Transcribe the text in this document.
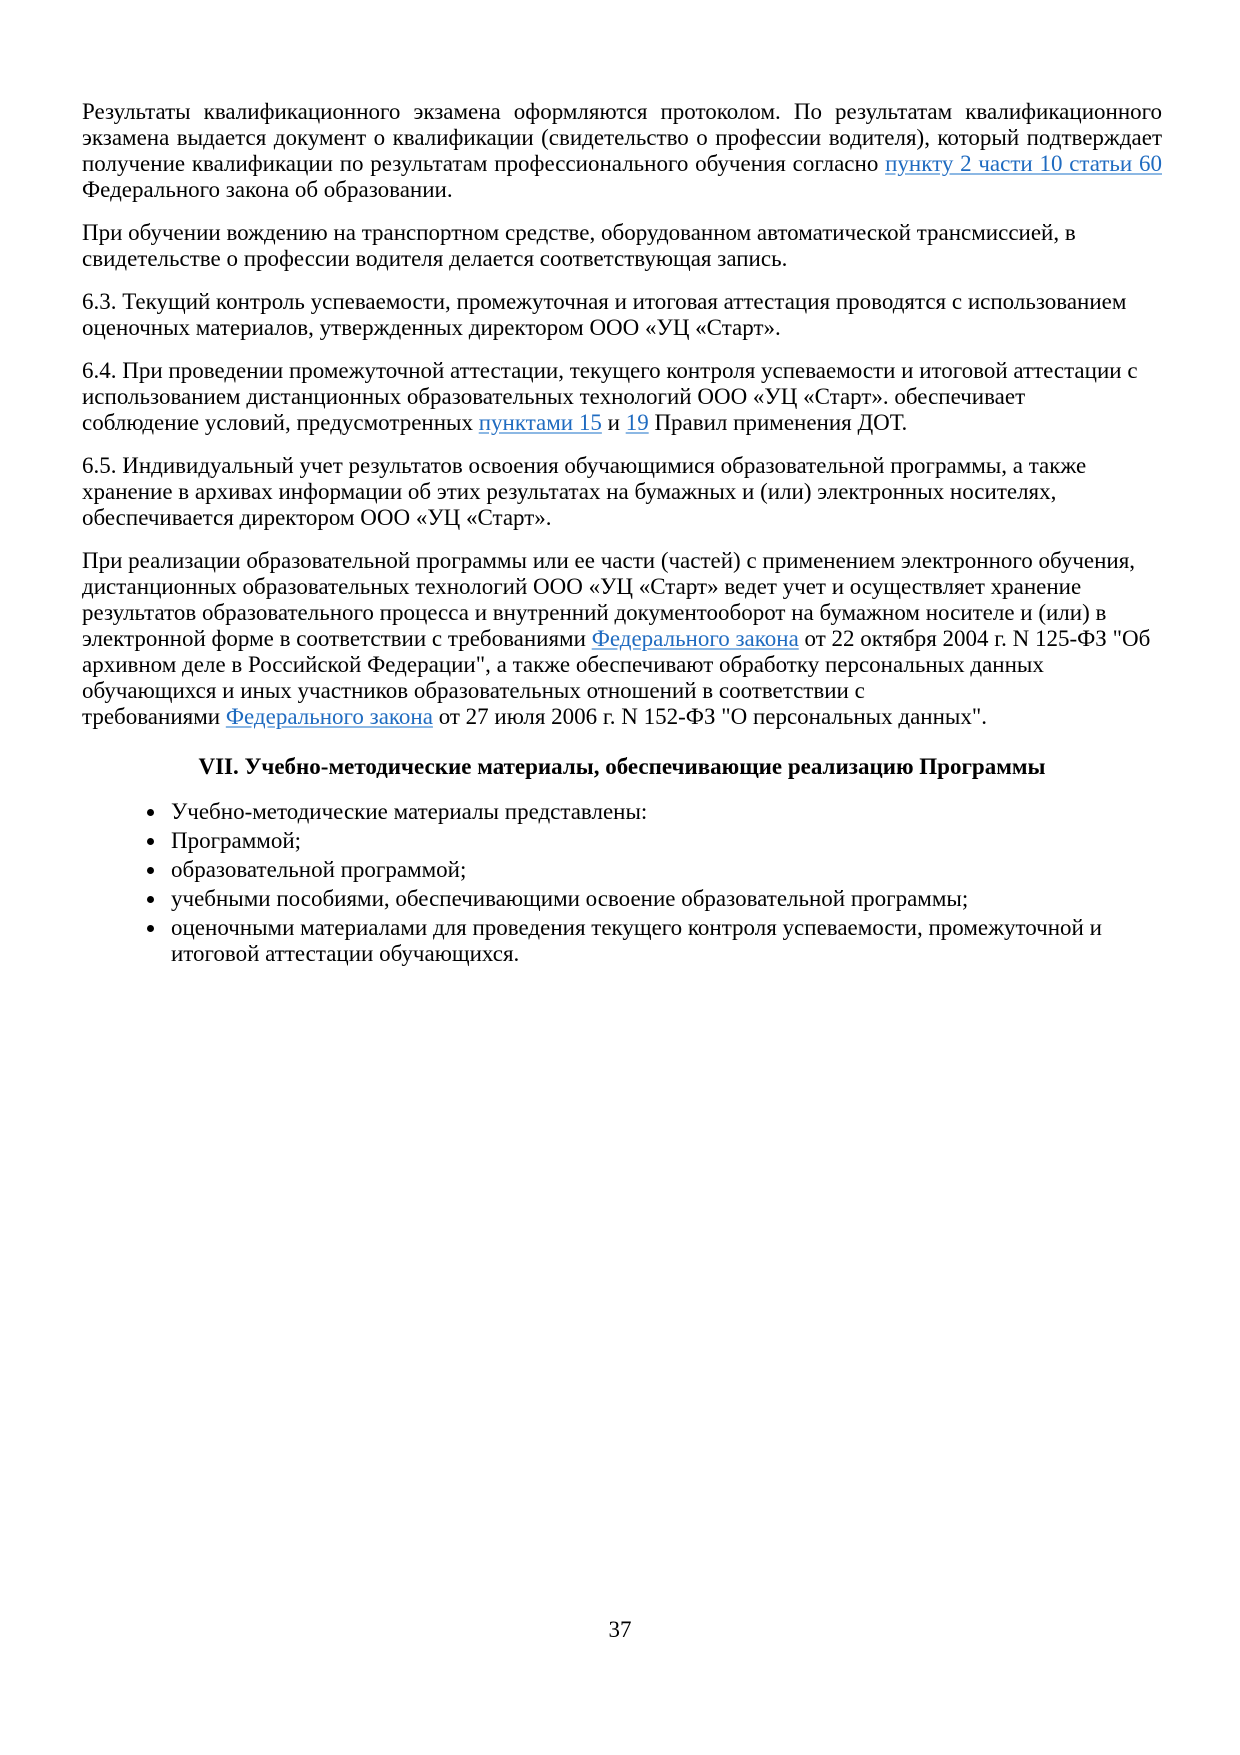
Результаты квалификационного экзамена оформляются протоколом. По результатам квалификационного экзамена выдается документ о квалификации (свидетельство о профессии водителя), который подтверждает получение квалификации по результатам профессионального обучения согласно пункту 2 части 10 статьи 60 Федерального закона об образовании.

При обучении вождению на транспортном средстве, оборудованном автоматической трансмиссией, в свидетельстве о профессии водителя делается соответствующая запись.

6.3. Текущий контроль успеваемости, промежуточная и итоговая аттестация проводятся с использованием оценочных материалов, утвержденных директором ООО «УЦ «Старт».

6.4. При проведении промежуточной аттестации, текущего контроля успеваемости и итоговой аттестации с использованием дистанционных образовательных технологий ООО «УЦ «Старт». обеспечивает
соблюдение условий, предусмотренных пунктами 15 и 19 Правил применения ДОТ.

6.5. Индивидуальный учет результатов освоения обучающимися образовательной программы, а также хранение в архивах информации об этих результатах на бумажных и (или) электронных носителях, обеспечивается директором ООО «УЦ «Старт».

При реализации образовательной программы или ее части (частей) с применением электронного обучения, дистанционных образовательных технологий ООО «УЦ «Старт» ведет учет и осуществляет хранение результатов образовательного процесса и внутренний документооборот на бумажном носителе и (или) в электронной форме в соответствии с требованиями Федерального закона от 22 октября 2004 г. N 125-ФЗ "Об архивном деле в Российской Федерации", а также обеспечивают обработку персональных данных обучающихся и иных участников образовательных отношений в соответствии с
требованиями Федерального закона от 27 июля 2006 г. N 152-ФЗ "О персональных данных".

VII. Учебно-методические материалы, обеспечивающие реализацию Программы
• Учебно-методические материалы представлены:
• Программой;
• образовательной программой;
• учебными пособиями, обеспечивающими освоение образовательной программы;
• оценочными материалами для проведения текущего контроля успеваемости, промежуточной и итоговой аттестации обучающихся.
37
